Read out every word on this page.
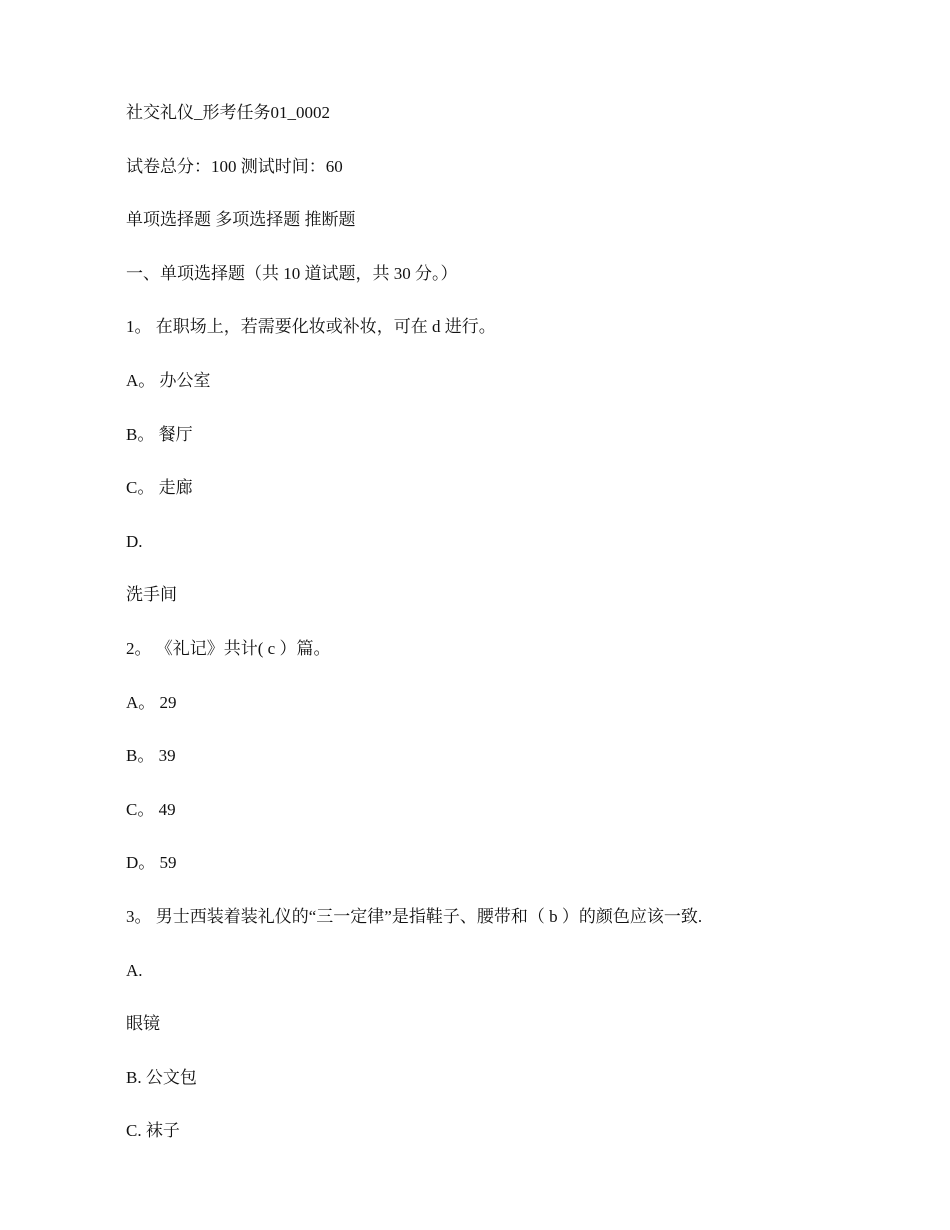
社交礼仪_形考任务01_0002
试卷总分：100 测试时间：60
单项选择题 多项选择题 推断题
一、单项选择题（共 10 道试题，共 30 分。）
1。 在职场上，若需要化妆或补妆，可在 d 进行。
A。 办公室
B。 餐厅
C。 走廊
D.
洗手间
2。 《礼记》共计( c ）篇。
A。 29
B。 39
C。 49
D。 59
3。 男士西装着装礼仪的“三一定律”是指鞋子、腰带和（ b ）的颜色应该一致.
A.
眼镜
B. 公文包
C. 袜子
